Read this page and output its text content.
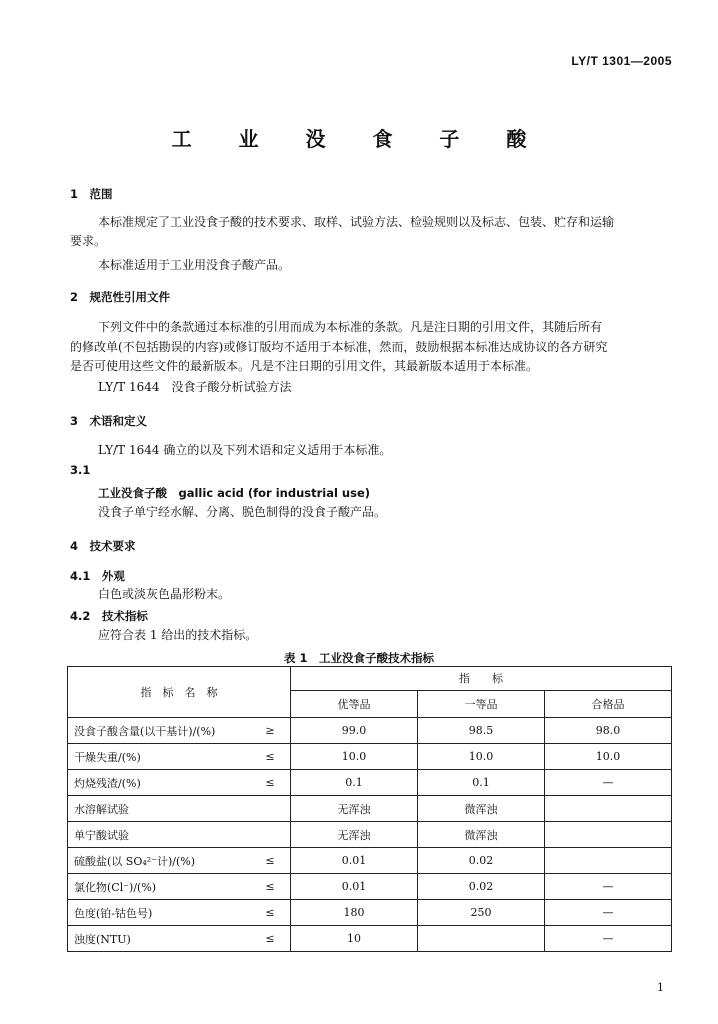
LY/T 1301—2005
工 业 没 食 子 酸
1　范围
本标准规定了工业没食子酸的技术要求、取样、试验方法、检验规则以及标志、包装、贮存和运输
要求。
本标准适用于工业用没食子酸产品。
2　规范性引用文件
下列文件中的条款通过本标准的引用而成为本标准的条款。凡是注日期的引用文件，其随后所有
的修改单(不包括勘误的内容)或修订版均不适用于本标准，然而，鼓励根据本标准达成协议的各方研究
是否可使用这些文件的最新版本。凡是不注日期的引用文件，其最新版本适用于本标准。
LY/T 1644　没食子酸分析试验方法
3　术语和定义
LY/T 1644 确立的以及下列术语和定义适用于本标准。
3.1
工业没食子酸　gallic acid (for industrial use)
没食子单宁经水解、分离、脱色制得的没食子酸产品。
4　技术要求
4.1　外观
白色或淡灰色晶形粉末。
4.2　技术指标
应符合表 1 给出的技术指标。
表 1　工业没食子酸技术指标
指　标　名　称		指　　标		
		优等品	一等品	合格品
没食子酸含量(以干基计)/(%)	≥	99.0	98.5	98.0
干燥失重/(%)	≤	10.0	10.0	10.0
灼烧残渣/(%)	≤	0.1	0.1	—
水溶解试验		无浑浊	微浑浊	
单宁酸试验		无浑浊	微浑浊	
硫酸盐(以 SO₄²⁻计)/(%)	≤	0.01	0.02	
氯化物(Cl⁻)/(%)	≤	0.01	0.02	—
色度(铂-钴色号)	≤	180	250	—
浊度(NTU)	≤	10		—
1
